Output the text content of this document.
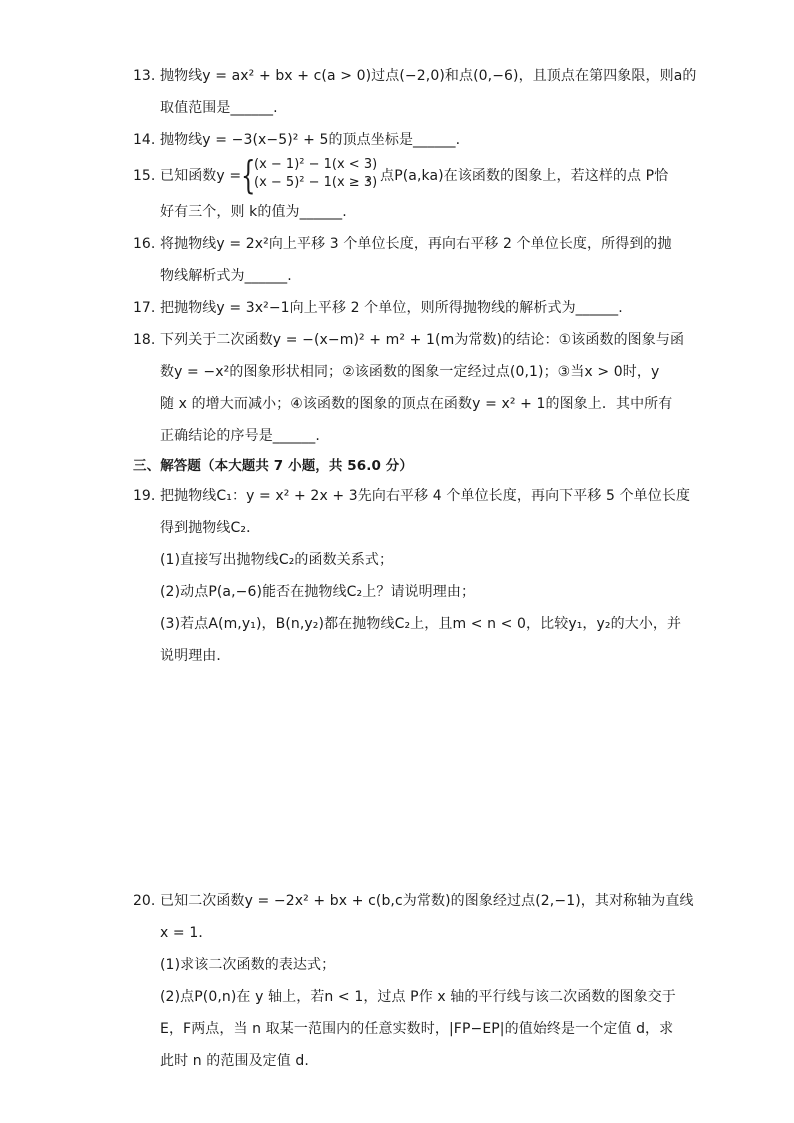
13. 抛物线y = ax² + bx + c(a > 0)过点(−2,0)和点(0,−6)，且顶点在第四象限，则a的
取值范围是______.
14. 抛物线y = −3(x−5)² + 5的顶点坐标是______.
15. 已知函数y = {
(x − 1)² − 1(x < 3)
(x − 5)² − 1(x ≥ 3)
，点P(a,ka)在该函数的图象上，若这样的点 P恰
好有三个，则 k的值为______.
16. 将抛物线y = 2x²向上平移 3 个单位长度，再向右平移 2 个单位长度，所得到的抛
物线解析式为______.
17. 把抛物线y = 3x²−1向上平移 2 个单位，则所得抛物线的解析式为______.
18. 下列关于二次函数y = −(x−m)² + m² + 1(m为常数)的结论：①该函数的图象与函
数y = −x²的图象形状相同；②该函数的图象一定经过点(0,1)；③当x > 0时，y
随 x 的增大而减小；④该函数的图象的顶点在函数y = x² + 1的图象上．其中所有
正确结论的序号是______.
三、解答题（本大题共 7 小题，共 56.0 分）
19. 把抛物线C₁：y = x² + 2x + 3先向右平移 4 个单位长度，再向下平移 5 个单位长度
得到抛物线C₂．
(1)直接写出抛物线C₂的函数关系式；
(2)动点P(a,−6)能否在抛物线C₂上？请说明理由；
(3)若点A(m,y₁)，B(n,y₂)都在抛物线C₂上，且m < n < 0，比较y₁，y₂的大小，并
说明理由．
20. 已知二次函数y = −2x² + bx + c(b,c为常数)的图象经过点(2,−1)，其对称轴为直线
x = 1．
(1)求该二次函数的表达式；
(2)点P(0,n)在 y 轴上，若n < 1，过点 P作 x 轴的平行线与该二次函数的图象交于
E，F两点，当 n 取某一范围内的任意实数时，|FP−EP|的值始终是一个定值 d，求
此时 n 的范围及定值 d.
